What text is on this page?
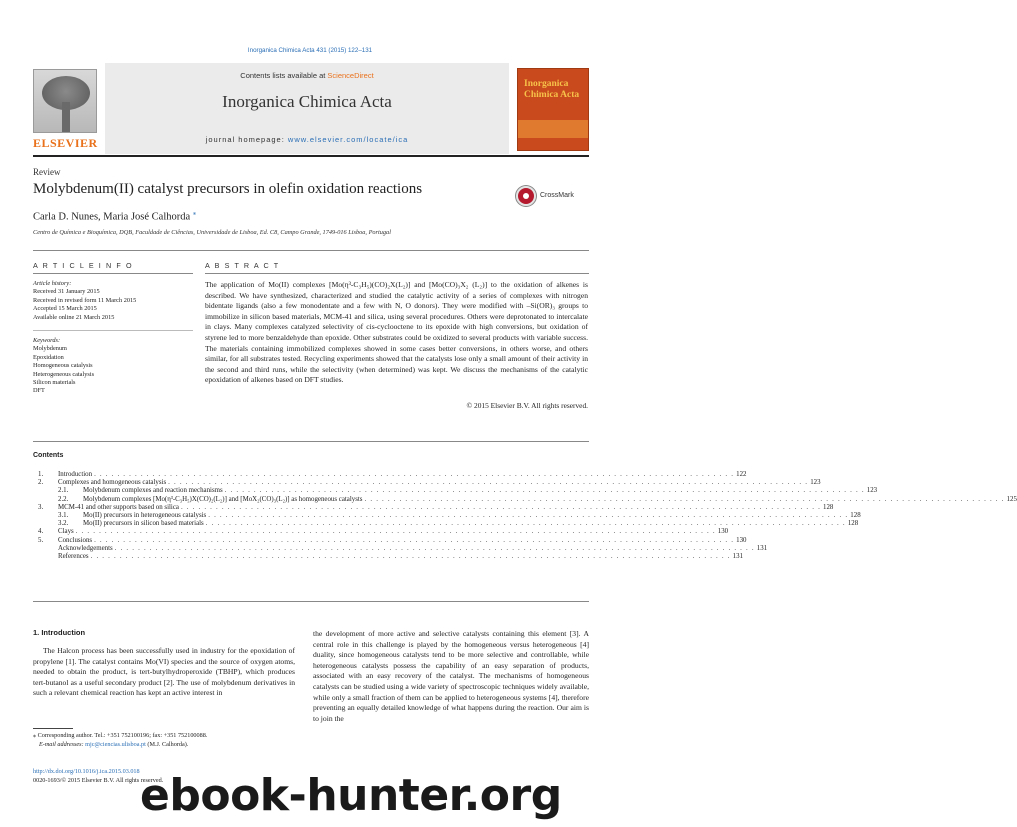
Inorganica Chimica Acta 431 (2015) 122–131
ELSEVIER
Contents lists available at ScienceDirect
Inorganica Chimica Acta
journal homepage: www.elsevier.com/locate/ica
Inorganica Chimica Acta
Review
Molybdenum(II) catalyst precursors in olefin oxidation reactions	CrossMark
Carla D. Nunes, Maria José Calhorda ⁎
Centro de Química e Bioquímica, DQB, Faculdade de Ciências, Universidade de Lisboa, Ed. C8, Campo Grande, 1749-016 Lisboa, Portugal
A R T I C L E I N F O	A B S T R A C T
Article history:
Received 31 January 2015
Received in revised form 11 March 2015
Accepted 15 March 2015
Available online 21 March 2015
Keywords:
Molybdenum
Epoxidation
Homogeneous catalysis
Heterogeneous catalysis
Silicon materials
DFT
The application of Mo(II) complexes [Mo(η³-C₃H₅)(CO)₂X(L₂)] and [Mo(CO)₃X₂ (L₂)] to the oxidation of alkenes is described. We have synthesized, characterized and studied the catalytic activity of a series of complexes with nitrogen bidentate ligands (also a few monodentate and a few with N, O donors). They were modified with –Si(OR)₃ groups to immobilize in silicon based materials, MCM-41 and silica, using several procedures. Others were deprotonated to intercalate in clays. Many complexes catalyzed selectivity of cis-cyclooctene to its epoxide with high conversions, but oxidation of styrene led to more benzaldehyde than epoxide. Other substrates could be oxidized to several products with variable success. The materials containing immobilized complexes showed in some cases better conversions, in others worse, and others similar, for all substrates tested. Recycling experiments showed that the catalysts lose only a small amount of their activity in the second and third runs, while the selectivity (when determined) was kept. We discuss the mechanisms of the catalytic epoxidation of alkenes based on DFT studies.
© 2015 Elsevier B.V. All rights reserved.
Contents
1.	Introduction . . . . . . . . . . . . . . . . . . . . . . . . . . . . . . . . . . . . . . . . . . . . . . . . . . . . . . . . . . . . . . . . . . . . . . . . . . . . . . . . . . . . . . . . . . . . . . . . . . . . . . . . . . . . . . 122
2.	Complexes and homogeneous catalysis . . . . . . . . . . . . . . . . . . . . . . . . . . . . . . . . . . . . . . . . . . . . . . . . . . . . . . . . . . . . . . . . . . . . . . . . . . . . . . . . . . . . . . . . . . . . . . . . . . . . . . . . . . . . . . 123
2.1.	Molybdenum complexes and reaction mechanisms . . . . . . . . . . . . . . . . . . . . . . . . . . . . . . . . . . . . . . . . . . . . . . . . . . . . . . . . . . . . . . . . . . . . . . . . . . . . . . . . . . . . . . . . . . . . . . . . . . . . . . . . . . . . . . 123
2.2.	Molybdenum complexes [Mo(η³-C₃H₅)X(CO)₂(L₂)] and [MoX₂(CO)₃(L₂)] as homogeneous catalysts . . . . . . . . . . . . . . . . . . . . . . . . . . . . . . . . . . . . . . . . . . . . . . . . . . . . . . . . . . . . . . . . . . . . . . . . . . . . . . . . . . . . . . . . . . . . . . . . . . . . . . . . . . . . . . 125
3.	MCM-41 and other supports based on silica . . . . . . . . . . . . . . . . . . . . . . . . . . . . . . . . . . . . . . . . . . . . . . . . . . . . . . . . . . . . . . . . . . . . . . . . . . . . . . . . . . . . . . . . . . . . . . . . . . . . . . . . . . . . . . 128
3.1.	Mo(II) precursors in heterogeneous catalysis . . . . . . . . . . . . . . . . . . . . . . . . . . . . . . . . . . . . . . . . . . . . . . . . . . . . . . . . . . . . . . . . . . . . . . . . . . . . . . . . . . . . . . . . . . . . . . . . . . . . . . . . . . . . . . 128
3.2.	Mo(II) precursors in silicon based materials . . . . . . . . . . . . . . . . . . . . . . . . . . . . . . . . . . . . . . . . . . . . . . . . . . . . . . . . . . . . . . . . . . . . . . . . . . . . . . . . . . . . . . . . . . . . . . . . . . . . . . . . . . . . . . 128
4.	Clays . . . . . . . . . . . . . . . . . . . . . . . . . . . . . . . . . . . . . . . . . . . . . . . . . . . . . . . . . . . . . . . . . . . . . . . . . . . . . . . . . . . . . . . . . . . . . . . . . . . . . . . . . . . . . . 130
5.	Conclusions . . . . . . . . . . . . . . . . . . . . . . . . . . . . . . . . . . . . . . . . . . . . . . . . . . . . . . . . . . . . . . . . . . . . . . . . . . . . . . . . . . . . . . . . . . . . . . . . . . . . . . . . . . . . . . 130
Acknowledgements . . . . . . . . . . . . . . . . . . . . . . . . . . . . . . . . . . . . . . . . . . . . . . . . . . . . . . . . . . . . . . . . . . . . . . . . . . . . . . . . . . . . . . . . . . . . . . . . . . . . . . . . . . . . . . 131
References . . . . . . . . . . . . . . . . . . . . . . . . . . . . . . . . . . . . . . . . . . . . . . . . . . . . . . . . . . . . . . . . . . . . . . . . . . . . . . . . . . . . . . . . . . . . . . . . . . . . . . . . . . . . . . 131
1. Introduction

The Halcon process has been successfully used in industry for the epoxidation of propylene [1]. The catalyst contains Mo(VI) species and the source of oxygen atoms, needed to obtain the product, is tert-butylhydroperoxide (TBHP), which produces tert-butanol as a useful secondary product [2]. The use of molybdenum derivatives in such a relevant chemical reaction has kept an active interest in

the development of more active and selective catalysts containing this element [3]. A central role in this challenge is played by the homogeneous versus heterogeneous [4] duality, since homogeneous catalysts tend to be more selective and controllable, while heterogeneous catalysts possess the capability of an easy separation of products, associated with an easy recovery of the catalyst. The mechanisms of homogeneous catalysts can be studied using a wide variety of spectroscopic techniques widely available, while only a small fraction of them can be applied to heterogeneous systems [4], therefore preventing an equally detailed knowledge of what happens during the reaction. Our aim is to join the

⁎ Corresponding author. Tel.: +351 752100196; fax: +351 752100088.
E-mail addresses: mjc@ciencias.ulisboa.pt (M.J. Calhorda).
http://dx.doi.org/10.1016/j.ica.2015.03.018
0020-1693/© 2015 Elsevier B.V. All rights reserved.
ebook-hunter.org
